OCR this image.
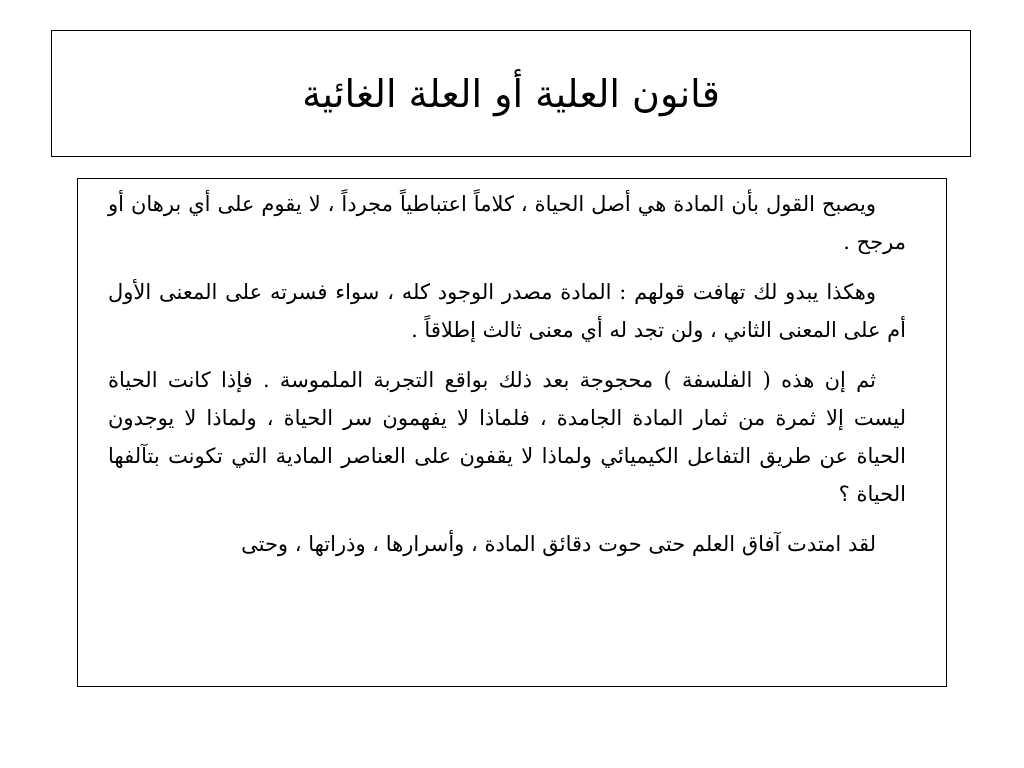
قانون العلية أو العلة الغائية

ويصبح القول بأن المادة هي أصل الحياة ، كلاماً اعتباطياً مجرداً ، لا يقوم على أي برهان أو مرجح .

وهكذا يبدو لك تهافت قولهم : المادة مصدر الوجود كله ، سواء فسرته على المعنى الأول أم على المعنى الثاني ، ولن تجد له أي معنى ثالث إطلاقاً .

ثم إن هذه ( الفلسفة ) محجوجة بعد ذلك بواقع التجربة الملموسة . فإذا كانت الحياة ليست إلا ثمرة من ثمار المادة الجامدة ، فلماذا لا يفهمون سر الحياة ، ولماذا لا يوجدون الحياة عن طريق التفاعل الكيميائي ولماذا لا يقفون على العناصر المادية التي تكونت بتآلفها الحياة ؟

لقد امتدت آفاق العلم حتى حوت دقائق المادة ، وأسرارها ، وذراتها ، وحتى
